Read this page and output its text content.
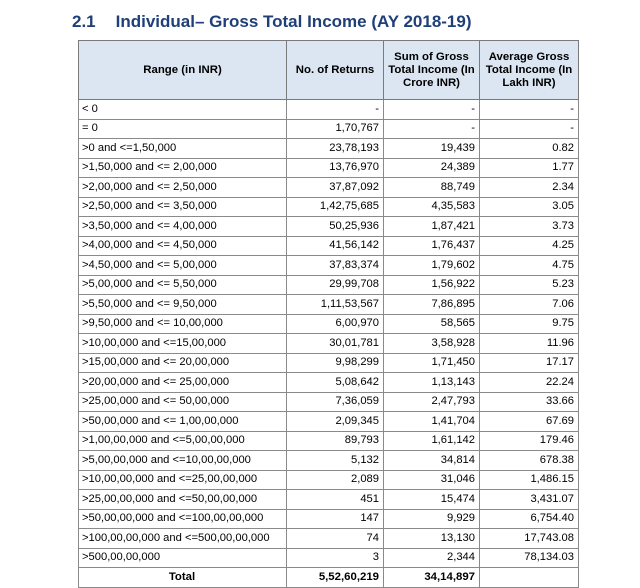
2.1 Individual– Gross Total Income (AY 2018-19)
Range (in INR)	No. of Returns	Sum of Gross Total Income (In Crore INR)	Average Gross Total Income (In Lakh INR)
< 0	-	-	-
= 0	1,70,767	-	-
>0 and <=1,50,000	23,78,193	19,439	0.82
>1,50,000 and <= 2,00,000	13,76,970	24,389	1.77
>2,00,000 and <= 2,50,000	37,87,092	88,749	2.34
>2,50,000 and <= 3,50,000	1,42,75,685	4,35,583	3.05
>3,50,000 and <= 4,00,000	50,25,936	1,87,421	3.73
>4,00,000 and <= 4,50,000	41,56,142	1,76,437	4.25
>4,50,000 and <= 5,00,000	37,83,374	1,79,602	4.75
>5,00,000 and <= 5,50,000	29,99,708	1,56,922	5.23
>5,50,000 and <= 9,50,000	1,11,53,567	7,86,895	7.06
>9,50,000 and <= 10,00,000	6,00,970	58,565	9.75
>10,00,000 and <=15,00,000	30,01,781	3,58,928	11.96
>15,00,000 and <= 20,00,000	9,98,299	1,71,450	17.17
>20,00,000 and <= 25,00,000	5,08,642	1,13,143	22.24
>25,00,000 and <= 50,00,000	7,36,059	2,47,793	33.66
>50,00,000 and <= 1,00,00,000	2,09,345	1,41,704	67.69
>1,00,00,000 and <=5,00,00,000	89,793	1,61,142	179.46
>5,00,00,000 and <=10,00,00,000	5,132	34,814	678.38
>10,00,00,000 and <=25,00,00,000	2,089	31,046	1,486.15
>25,00,00,000 and <=50,00,00,000	451	15,474	3,431.07
>50,00,00,000 and <=100,00,00,000	147	9,929	6,754.40
>100,00,00,000 and <=500,00,00,000	74	13,130	17,743.08
>500,00,00,000	3	2,344	78,134.03
Total	5,52,60,219	34,14,897	
